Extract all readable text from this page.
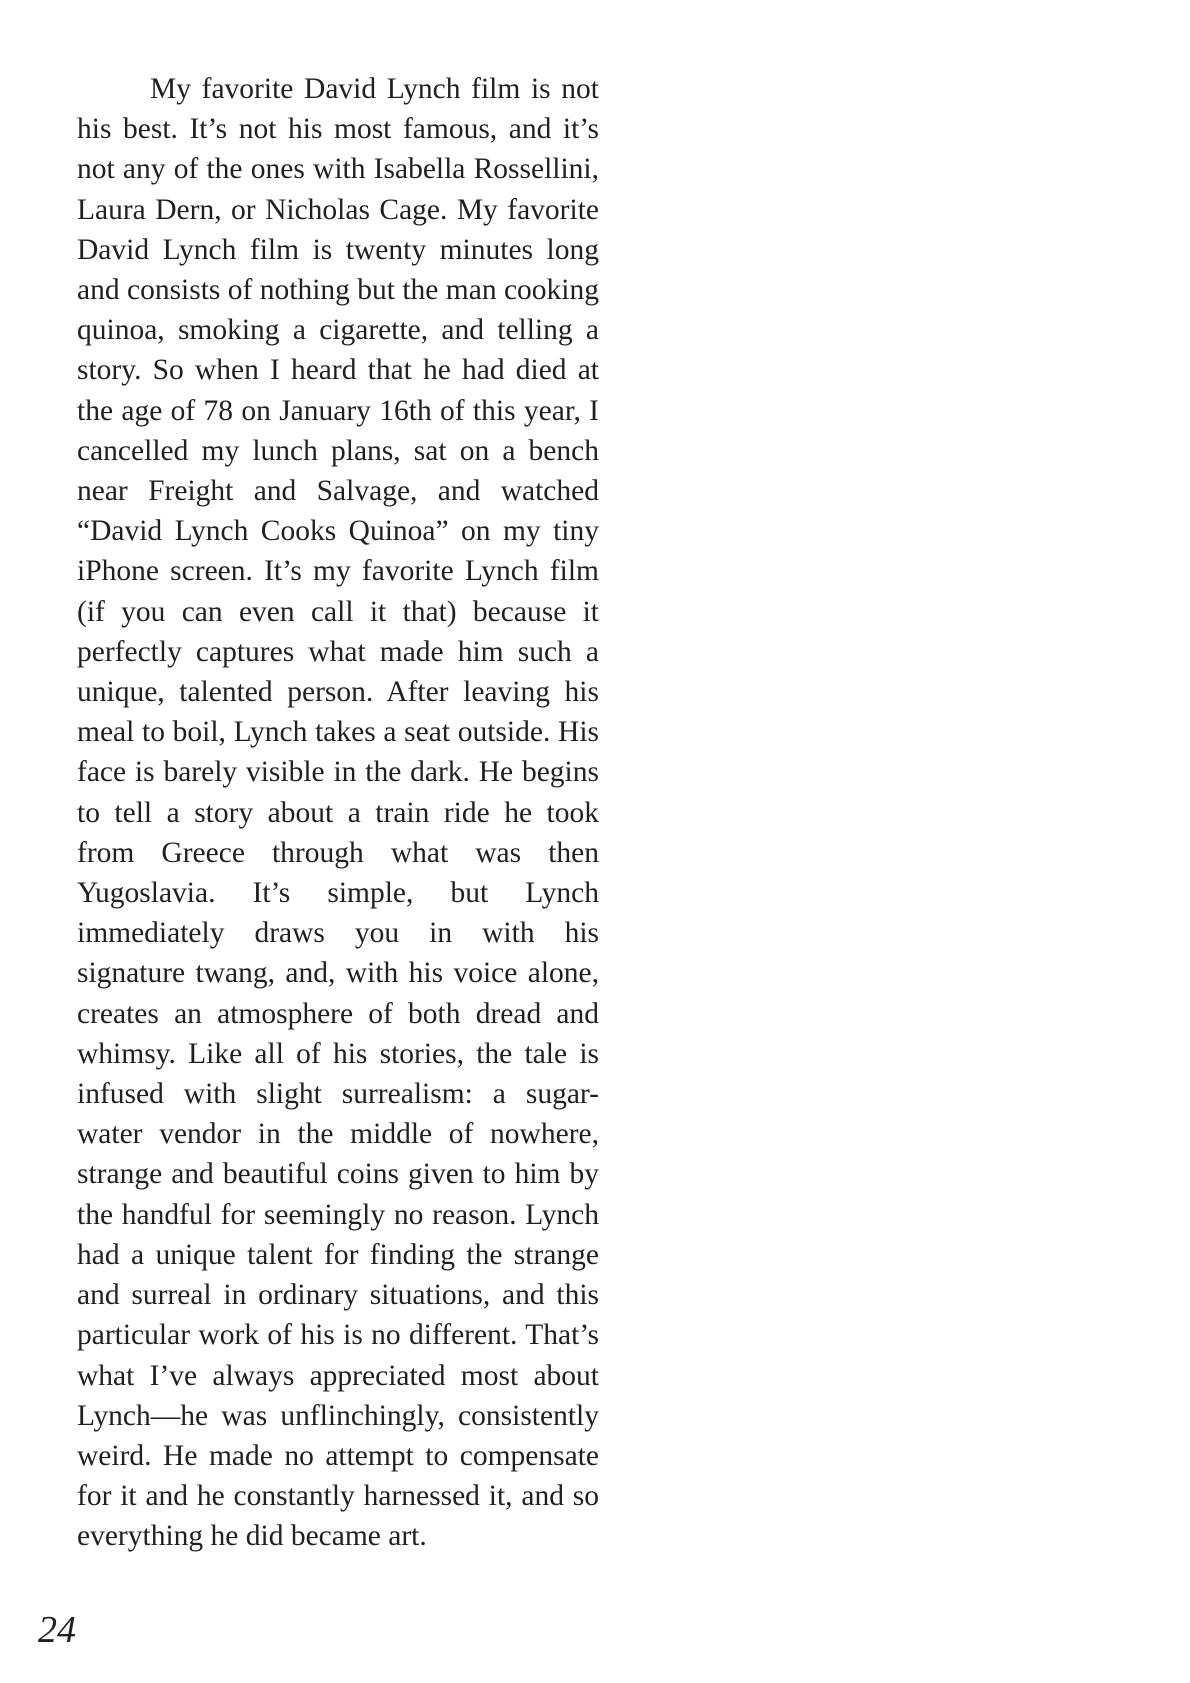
My favorite David Lynch film is not his best. It’s not his most famous, and it’s not any of the ones with Isabella Rossellini, Laura Dern, or Nicholas Cage. My favorite David Lynch film is twenty minutes long and consists of nothing but the man cooking quinoa, smoking a cigarette, and telling a story. So when I heard that he had died at the age of 78 on January 16th of this year, I cancelled my lunch plans, sat on a bench near Freight and Salvage, and watched “David Lynch Cooks Quinoa” on my tiny iPhone screen. It’s my favorite Lynch film (if you can even call it that) because it perfectly captures what made him such a unique, talented person. After leaving his meal to boil, Lynch takes a seat outside. His face is barely visible in the dark. He begins to tell a story about a train ride he took from Greece through what was then Yugoslavia. It’s simple, but Lynch immediately draws you in with his signature twang, and, with his voice alone, creates an atmosphere of both dread and whimsy. Like all of his stories, the tale is infused with slight surrealism: a sugar-water vendor in the middle of nowhere, strange and beautiful coins given to him by the handful for seemingly no reason. Lynch had a unique talent for finding the strange and surreal in ordinary situations, and this particular work of his is no different. That’s what I’ve always appreciated most about Lynch—he was unflinchingly, consistently weird. He made no attempt to compensate for it and he constantly harnessed it, and so everything he did became art.

24
